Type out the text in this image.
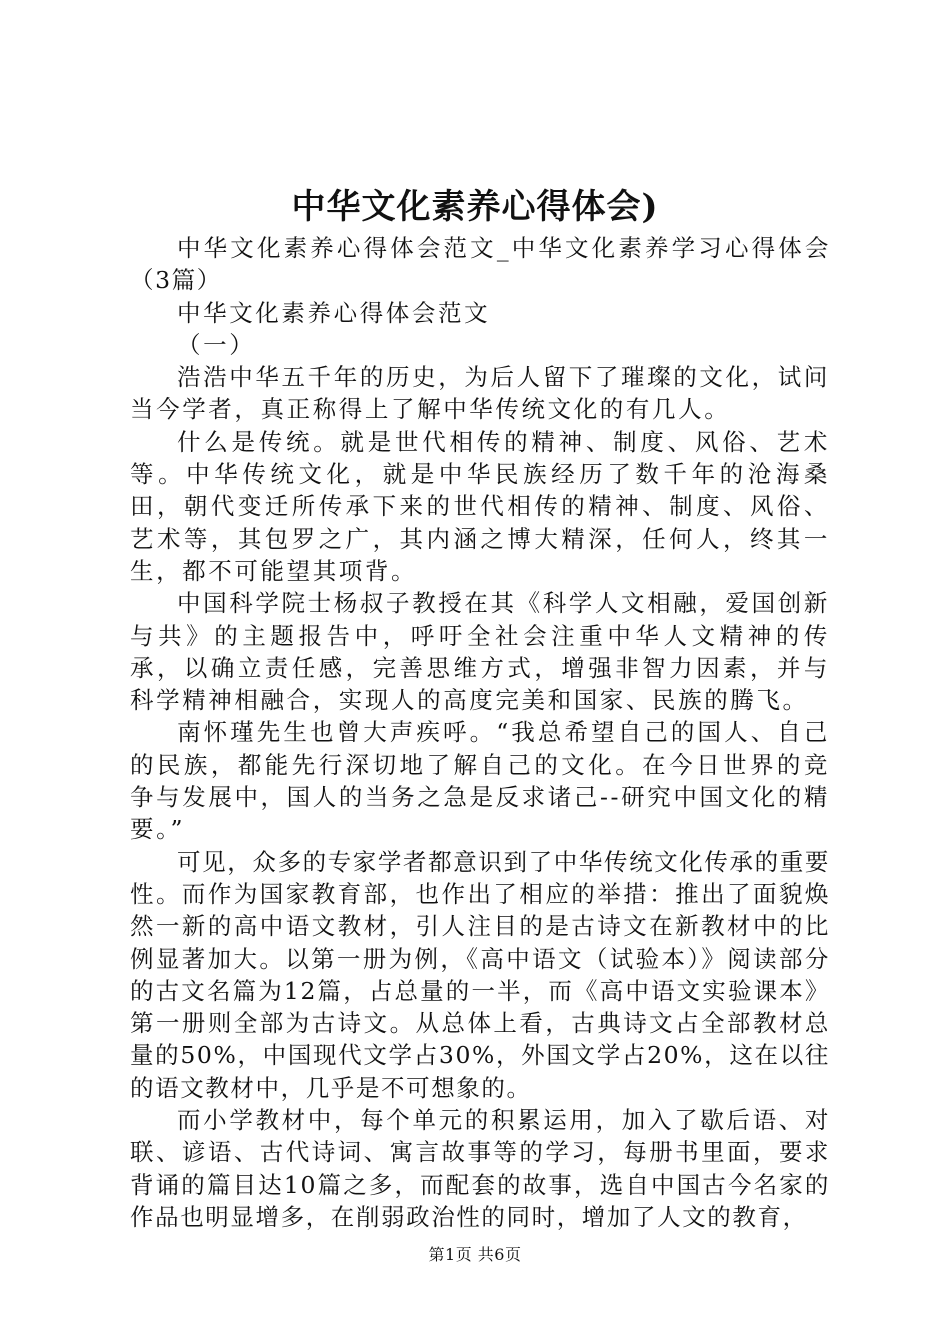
中华文化素养心得体会)

中华文化素养心得体会范文_中华文化素养学习心得体会（3篇）

中华文化素养心得体会范文

（一）

浩浩中华五千年的历史，为后人留下了璀璨的文化，试问当今学者，真正称得上了解中华传统文化的有几人。

什么是传统。就是世代相传的精神、制度、风俗、艺术等。中华传统文化，就是中华民族经历了数千年的沧海桑田，朝代变迁所传承下来的世代相传的精神、制度、风俗、艺术等，其包罗之广，其内涵之博大精深，任何人，终其一生，都不可能望其项背。

中国科学院士杨叔子教授在其《科学人文相融，爱国创新与共》的主题报告中，呼吁全社会注重中华人文精神的传承，以确立责任感，完善思维方式，增强非智力因素，并与科学精神相融合，实现人的高度完美和国家、民族的腾飞。

南怀瑾先生也曾大声疾呼。“我总希望自己的国人、自己的民族，都能先行深切地了解自己的文化。在今日世界的竞争与发展中，国人的当务之急是反求诸己--研究中国文化的精要。”

可见，众多的专家学者都意识到了中华传统文化传承的重要性。而作为国家教育部，也作出了相应的举措：推出了面貌焕然一新的高中语文教材，引人注目的是古诗文在新教材中的比例显著加大。以第一册为例，《高中语文（试验本）》阅读部分的古文名篇为12篇，占总量的一半，而《高中语文实验课本》第一册则全部为古诗文。从总体上看，古典诗文占全部教材总量的50%，中国现代文学占30%，外国文学占20%，这在以往的语文教材中，几乎是不可想象的。

而小学教材中，每个单元的积累运用，加入了歇后语、对联、谚语、古代诗词、寓言故事等的学习，每册书里面，要求背诵的篇目达10篇之多，而配套的故事，选自中国古今名家的作品也明显增多，在削弱政治性的同时，增加了人文的教育，

第1页 共6页
